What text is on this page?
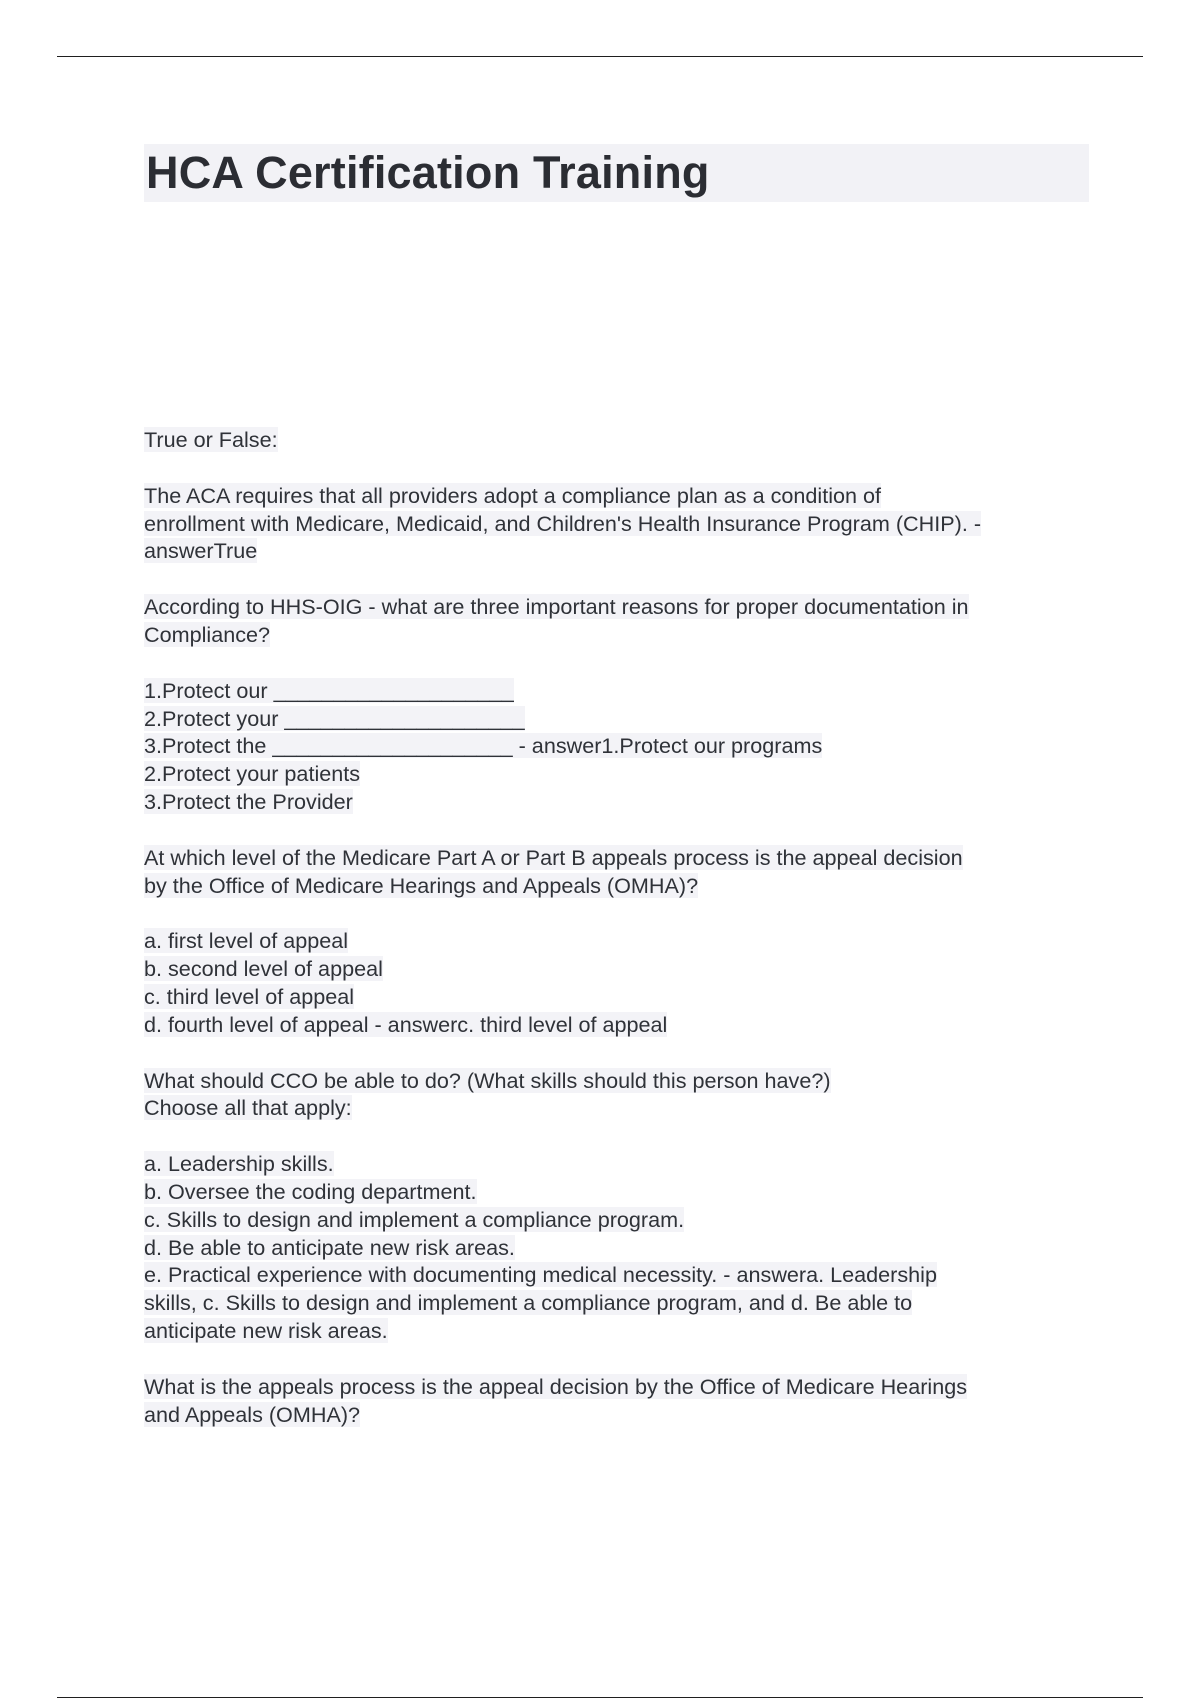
HCA Certification Training
True or False:
The ACA requires that all providers adopt a compliance plan as a condition of
enrollment with Medicare, Medicaid, and Children's Health Insurance Program (CHIP). -
answerTrue
According to HHS-OIG - what are three important reasons for proper documentation in
Compliance?
1.Protect our ____________________
2.Protect your ____________________
3.Protect the ____________________ - answer1.Protect our programs
2.Protect your patients
3.Protect the Provider
At which level of the Medicare Part A or Part B appeals process is the appeal decision
by the Office of Medicare Hearings and Appeals (OMHA)?
a. first level of appeal
b. second level of appeal
c. third level of appeal
d. fourth level of appeal - answerc. third level of appeal
What should CCO be able to do? (What skills should this person have?)
Choose all that apply:
a. Leadership skills.
b. Oversee the coding department.
c. Skills to design and implement a compliance program.
d. Be able to anticipate new risk areas.
e. Practical experience with documenting medical necessity. - answera. Leadership
skills, c. Skills to design and implement a compliance program, and d. Be able to
anticipate new risk areas.
What is the appeals process is the appeal decision by the Office of Medicare Hearings
and Appeals (OMHA)?
